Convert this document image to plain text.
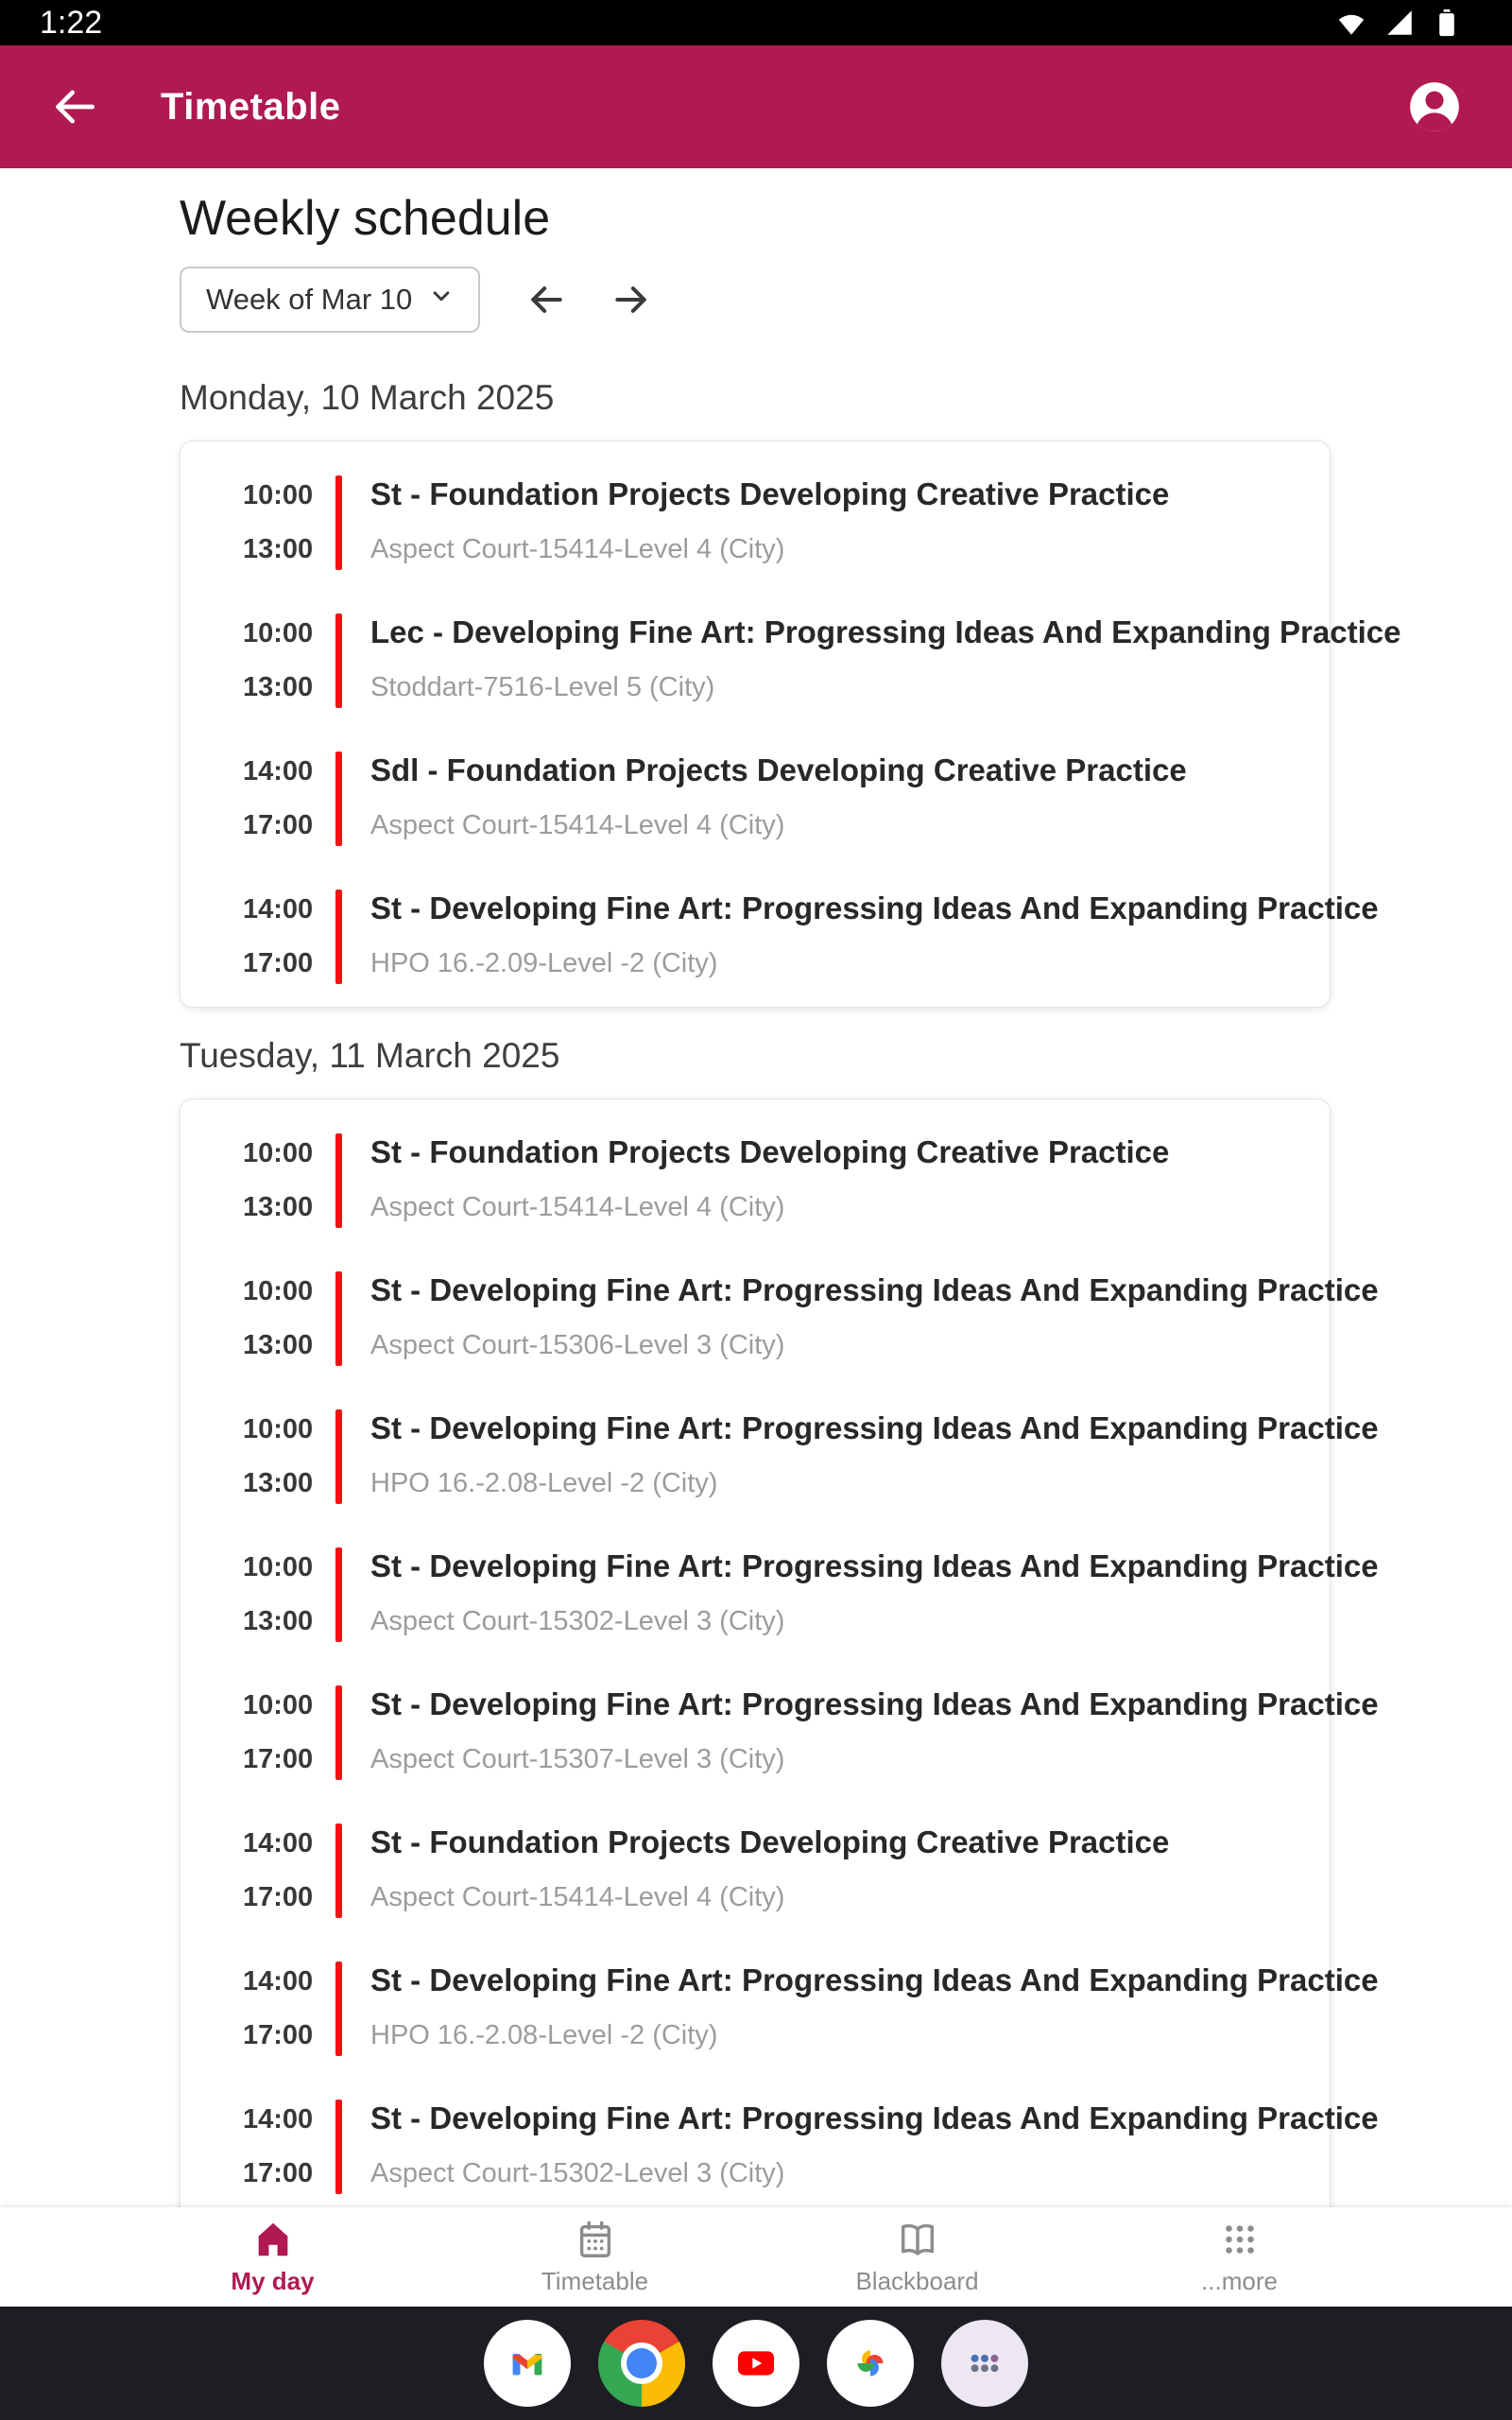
1:22
Timetable
Weekly schedule
Week of Mar 10
Monday, 10 March 2025
10:00
13:00
St - Foundation Projects Developing Creative Practice
Aspect Court-15414-Level 4 (City)
10:00
13:00
Lec - Developing Fine Art: Progressing Ideas And Expanding Practice
Stoddart-7516-Level 5 (City)
14:00
17:00
Sdl - Foundation Projects Developing Creative Practice
Aspect Court-15414-Level 4 (City)
14:00
17:00
St - Developing Fine Art: Progressing Ideas And Expanding Practice
HPO 16.-2.09-Level -2 (City)
Tuesday, 11 March 2025
10:00
13:00
St - Foundation Projects Developing Creative Practice
Aspect Court-15414-Level 4 (City)
10:00
13:00
St - Developing Fine Art: Progressing Ideas And Expanding Practice
Aspect Court-15306-Level 3 (City)
10:00
13:00
St - Developing Fine Art: Progressing Ideas And Expanding Practice
HPO 16.-2.08-Level -2 (City)
10:00
13:00
St - Developing Fine Art: Progressing Ideas And Expanding Practice
Aspect Court-15302-Level 3 (City)
10:00
17:00
St - Developing Fine Art: Progressing Ideas And Expanding Practice
Aspect Court-15307-Level 3 (City)
14:00
17:00
St - Foundation Projects Developing Creative Practice
Aspect Court-15414-Level 4 (City)
14:00
17:00
St - Developing Fine Art: Progressing Ideas And Expanding Practice
HPO 16.-2.08-Level -2 (City)
14:00
17:00
St - Developing Fine Art: Progressing Ideas And Expanding Practice
Aspect Court-15302-Level 3 (City)
My day	Timetable	Blackboard	...more
